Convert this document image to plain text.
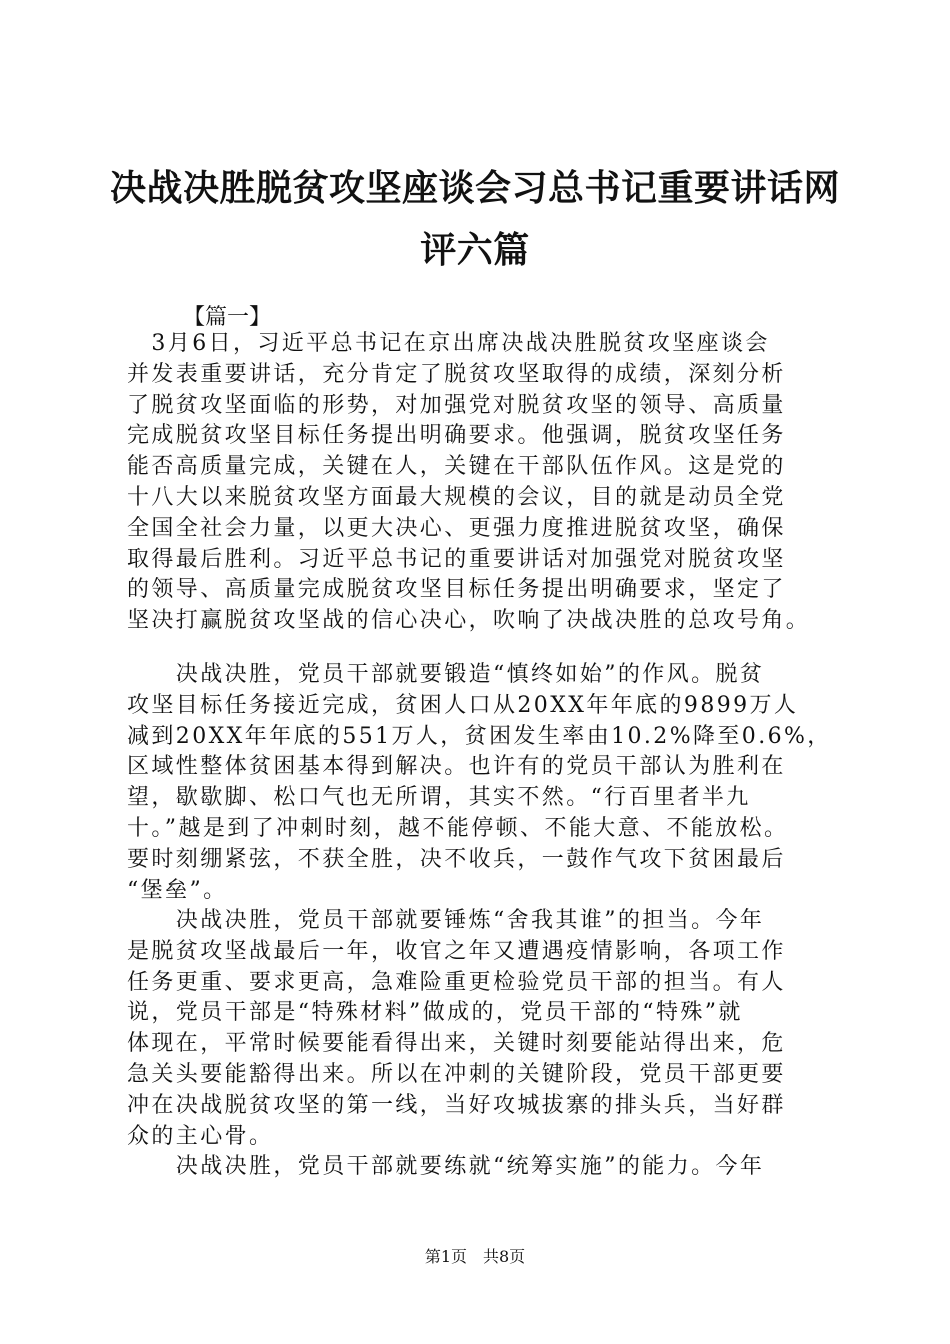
决战决胜脱贫攻坚座谈会习总书记重要讲话网
评六篇
【篇一】
　3月6日，习近平总书记在京出席决战决胜脱贫攻坚座谈会
并发表重要讲话，充分肯定了脱贫攻坚取得的成绩，深刻分析
了脱贫攻坚面临的形势，对加强党对脱贫攻坚的领导、高质量
完成脱贫攻坚目标任务提出明确要求。他强调，脱贫攻坚任务
能否高质量完成，关键在人，关键在干部队伍作风。这是党的
十八大以来脱贫攻坚方面最大规模的会议，目的就是动员全党
全国全社会力量，以更大决心、更强力度推进脱贫攻坚，确保
取得最后胜利。习近平总书记的重要讲话对加强党对脱贫攻坚
的领导、高质量完成脱贫攻坚目标任务提出明确要求，坚定了
坚决打赢脱贫攻坚战的信心决心，吹响了决战决胜的总攻号角。
　　决战决胜，党员干部就要锻造“慎终如始”的作风。脱贫
攻坚目标任务接近完成，贫困人口从20XX年年底的9899万人
减到20XX年年底的551万人，贫困发生率由10.2%降至0.6%，
区域性整体贫困基本得到解决。也许有的党员干部认为胜利在
望，歇歇脚、松口气也无所谓，其实不然。“行百里者半九
十。”越是到了冲刺时刻，越不能停顿、不能大意、不能放松。
要时刻绷紧弦，不获全胜，决不收兵，一鼓作气攻下贫困最后
“堡垒”。
　　决战决胜，党员干部就要锤炼“舍我其谁”的担当。今年
是脱贫攻坚战最后一年，收官之年又遭遇疫情影响，各项工作
任务更重、要求更高，急难险重更检验党员干部的担当。有人
说，党员干部是“特殊材料”做成的，党员干部的“特殊”就
体现在，平常时候要能看得出来，关键时刻要能站得出来，危
急关头要能豁得出来。所以在冲刺的关键阶段，党员干部更要
冲在决战脱贫攻坚的第一线，当好攻城拔寨的排头兵，当好群
众的主心骨。
　　决战决胜，党员干部就要练就“统筹实施”的能力。今年
第1页　共8页
